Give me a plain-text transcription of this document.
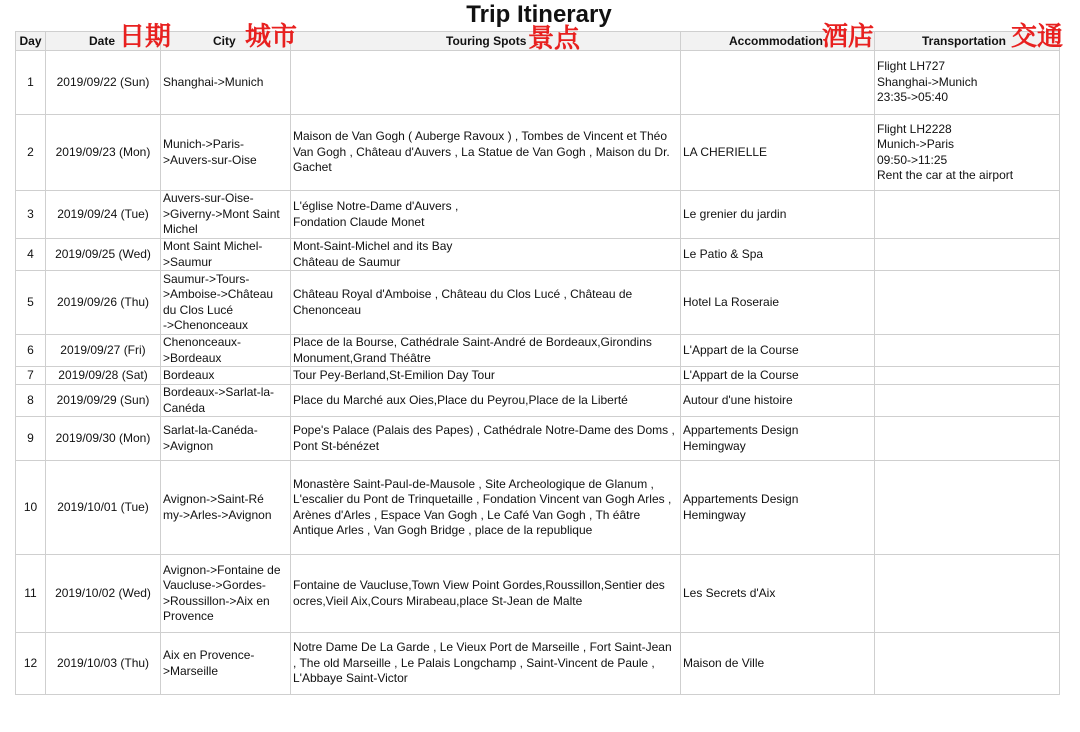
Trip Itinerary
日期	城市	景点	酒店	交通
Day	Date	City	Touring Spots	Accommodation	Transportation
1	2019/09/22 (Sun)	Shanghai->Munich			Flight LH727
Shanghai->Munich
23:35->05:40
2	2019/09/23 (Mon)	Munich->Paris-
>Auvers-sur-Oise	Maison de Van Gogh ( Auberge Ravoux ) , Tombes de Vincent et Théo Van Gogh , Château d'Auvers , La Statue de Van Gogh , Maison du Dr. Gachet	LA CHERIELLE	Flight LH2228
Munich->Paris
09:50->11:25
Rent the car at the airport
3	2019/09/24 (Tue)	Auvers-sur-Oise-
>Giverny->Mont Saint
Michel	L'église Notre-Dame d'Auvers ,
Fondation Claude Monet	Le grenier du jardin	
4	2019/09/25 (Wed)	Mont Saint Michel-
>Saumur	Mont-Saint-Michel and its Bay
Château de Saumur	Le Patio & Spa	
5	2019/09/26 (Thu)	Saumur->Tours-
>Amboise->Château
du Clos Lucé
->Chenonceaux	Château Royal d'Amboise , Château du Clos Lucé , Château de Chenonceau	Hotel La Roseraie	
6	2019/09/27 (Fri)	Chenonceaux-
>Bordeaux	Place de la Bourse, Cathédrale Saint-André de Bordeaux,Girondins Monument,Grand Théâtre	L'Appart de la Course	
7	2019/09/28 (Sat)	Bordeaux	Tour Pey-Berland,St-Emilion Day Tour	L'Appart de la Course	
8	2019/09/29 (Sun)	Bordeaux->Sarlat-la-
Canéda	Place du Marché aux Oies,Place du Peyrou,Place de la Liberté	Autour d'une histoire	
9	2019/09/30 (Mon)	Sarlat-la-Canéda-
>Avignon	Pope's Palace (Palais des Papes) , Cathédrale Notre-Dame des Doms , Pont St-bénézet	Appartements Design
Hemingway	
10	2019/10/01 (Tue)	Avignon->Saint-Ré
my->Arles->Avignon	Monastère Saint-Paul-de-Mausole , Site Archeologique de Glanum , L'escalier du Pont de Trinquetaille , Fondation Vincent van Gogh Arles , Arènes d'Arles , Espace Van Gogh , Le Café Van Gogh , Th éâtre Antique Arles , Van Gogh Bridge , place de la republique	Appartements Design
Hemingway	
11	2019/10/02 (Wed)	Avignon->Fontaine de
Vaucluse->Gordes-
>Roussillon->Aix en
Provence	Fontaine de Vaucluse,Town View Point Gordes,Roussillon,Sentier des ocres,Vieil Aix,Cours Mirabeau,place St-Jean de Malte	Les Secrets d'Aix	
12	2019/10/03 (Thu)	Aix en Provence-
>Marseille	Notre Dame De La Garde , Le Vieux Port de Marseille , Fort Saint-Jean , The old Marseille , Le Palais Longchamp , Saint-Vincent de Paule , L'Abbaye Saint-Victor	Maison de Ville	
